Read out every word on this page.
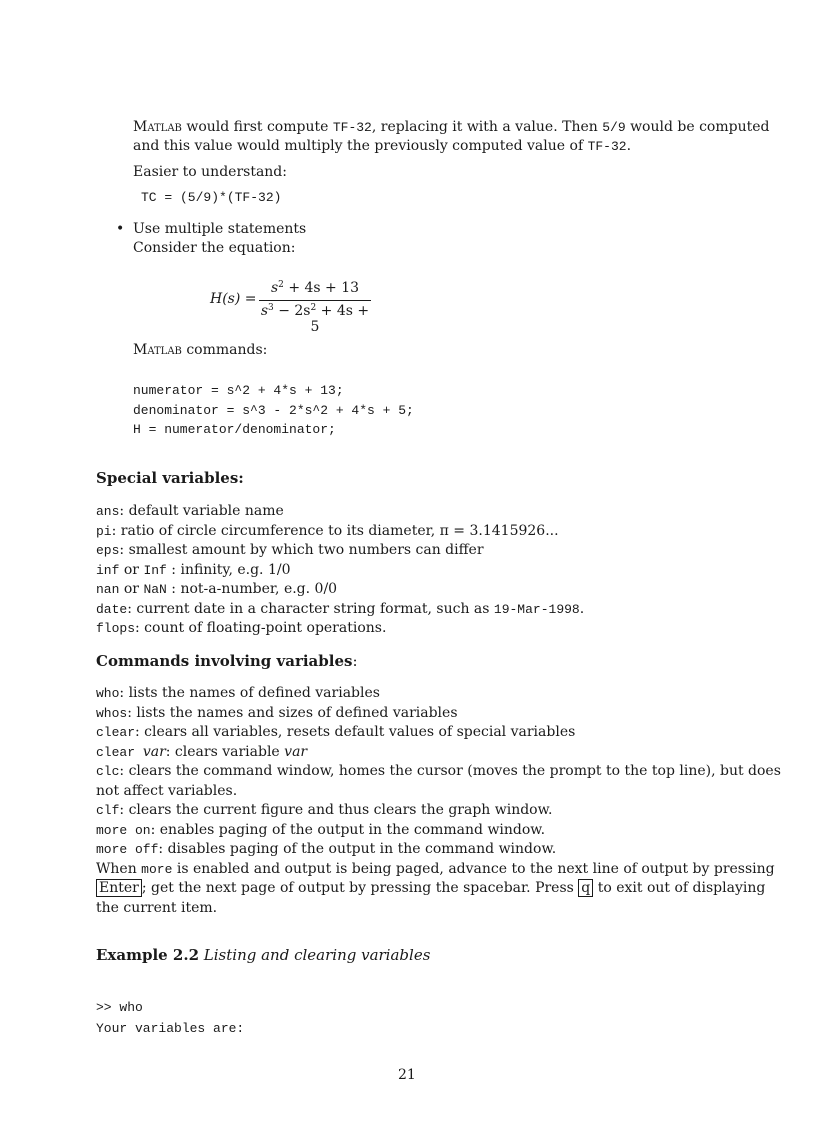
Matlab would first compute TF-32, replacing it with a value. Then 5/9 would be computed
and this value would multiply the previously computed value of TF-32.
Easier to understand:
TC = (5/9)*(TF-32)
• Use multiple statements
Consider the equation:
H(s) =
$s^2 + 4s + 13$
$s^3 - 2s^2 + 4s + 5$
Matlab commands:
numerator = s^2 + 4*s + 13;
denominator = s^3 - 2*s^2 + 4*s + 5;
H = numerator/denominator;
Special variables:
ans: default variable name
pi: ratio of circle circumference to its diameter, π = 3.1415926...
eps: smallest amount by which two numbers can differ
inf or Inf : infinity, e.g. 1/0
nan or NaN : not-a-number, e.g. 0/0
date: current date in a character string format, such as 19-Mar-1998.
flops: count of floating-point operations.
Commands involving variables:
who: lists the names of defined variables
whos: lists the names and sizes of defined variables
clear: clears all variables, resets default values of special variables
clear var: clears variable var
clc: clears the command window, homes the cursor (moves the prompt to the top line), but does
not affect variables.
clf: clears the current figure and thus clears the graph window.
more on: enables paging of the output in the command window.
more off: disables paging of the output in the command window.
When more is enabled and output is being paged, advance to the next line of output by pressing
Enter ; get the next page of output by pressing the spacebar. Press q to exit out of displaying
the current item.
Example 2.2 Listing and clearing variables
>> who
Your variables are:
21
